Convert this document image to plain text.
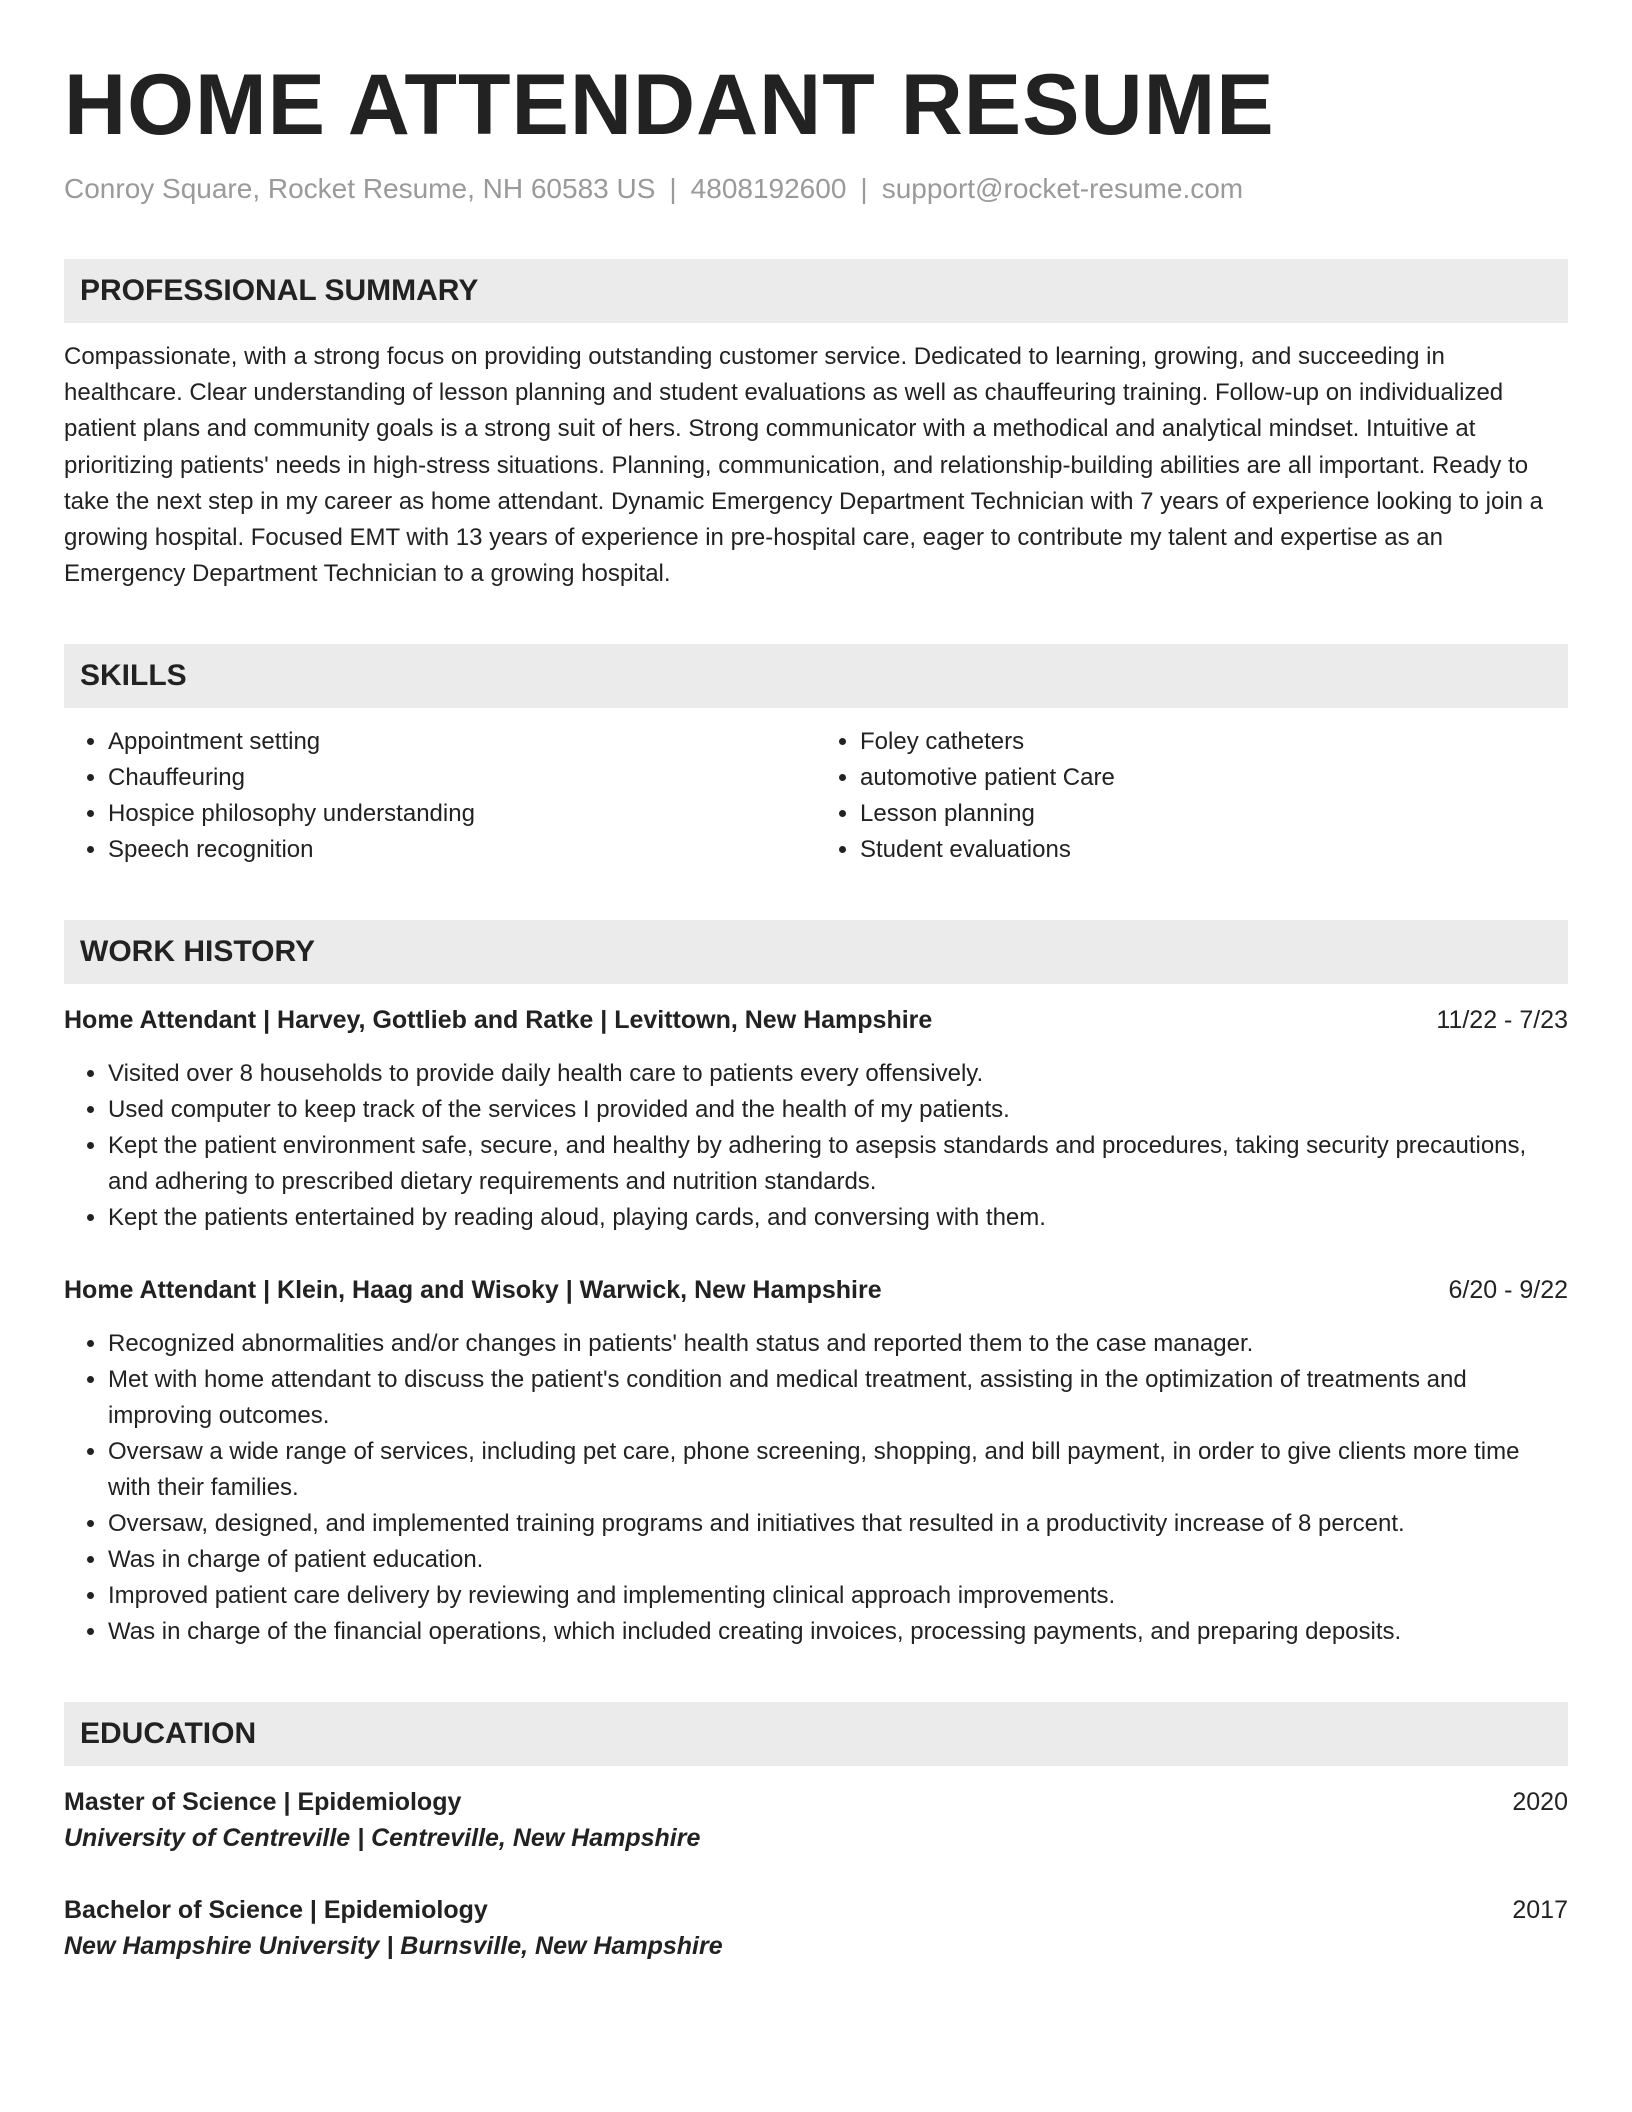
HOME ATTENDANT RESUME
Conroy Square, Rocket Resume, NH 60583 US | 4808192600 | support@rocket-resume.com
PROFESSIONAL SUMMARY
Compassionate, with a strong focus on providing outstanding customer service. Dedicated to learning, growing, and succeeding in healthcare. Clear understanding of lesson planning and student evaluations as well as chauffeuring training. Follow-up on individualized patient plans and community goals is a strong suit of hers. Strong communicator with a methodical and analytical mindset. Intuitive at prioritizing patients' needs in high-stress situations. Planning, communication, and relationship-building abilities are all important. Ready to take the next step in my career as home attendant. Dynamic Emergency Department Technician with 7 years of experience looking to join a growing hospital. Focused EMT with 13 years of experience in pre-hospital care, eager to contribute my talent and expertise as an Emergency Department Technician to a growing hospital.
SKILLS
• Appointment setting
• Chauffeuring
• Hospice philosophy understanding
• Speech recognition
• Foley catheters
• automotive patient Care
• Lesson planning
• Student evaluations
WORK HISTORY
Home Attendant | Harvey, Gottlieb and Ratke | Levittown, New Hampshire	11/22 - 7/23
• Visited over 8 households to provide daily health care to patients every offensively.
• Used computer to keep track of the services I provided and the health of my patients.
• Kept the patient environment safe, secure, and healthy by adhering to asepsis standards and procedures, taking security precautions, and adhering to prescribed dietary requirements and nutrition standards.
• Kept the patients entertained by reading aloud, playing cards, and conversing with them.
Home Attendant | Klein, Haag and Wisoky | Warwick, New Hampshire	6/20 - 9/22
• Recognized abnormalities and/or changes in patients' health status and reported them to the case manager.
• Met with home attendant to discuss the patient's condition and medical treatment, assisting in the optimization of treatments and improving outcomes.
• Oversaw a wide range of services, including pet care, phone screening, shopping, and bill payment, in order to give clients more time with their families.
• Oversaw, designed, and implemented training programs and initiatives that resulted in a productivity increase of 8 percent.
• Was in charge of patient education.
• Improved patient care delivery by reviewing and implementing clinical approach improvements.
• Was in charge of the financial operations, which included creating invoices, processing payments, and preparing deposits.
EDUCATION
Master of Science | Epidemiology	2020
University of Centreville | Centreville, New Hampshire
Bachelor of Science | Epidemiology	2017
New Hampshire University | Burnsville, New Hampshire
